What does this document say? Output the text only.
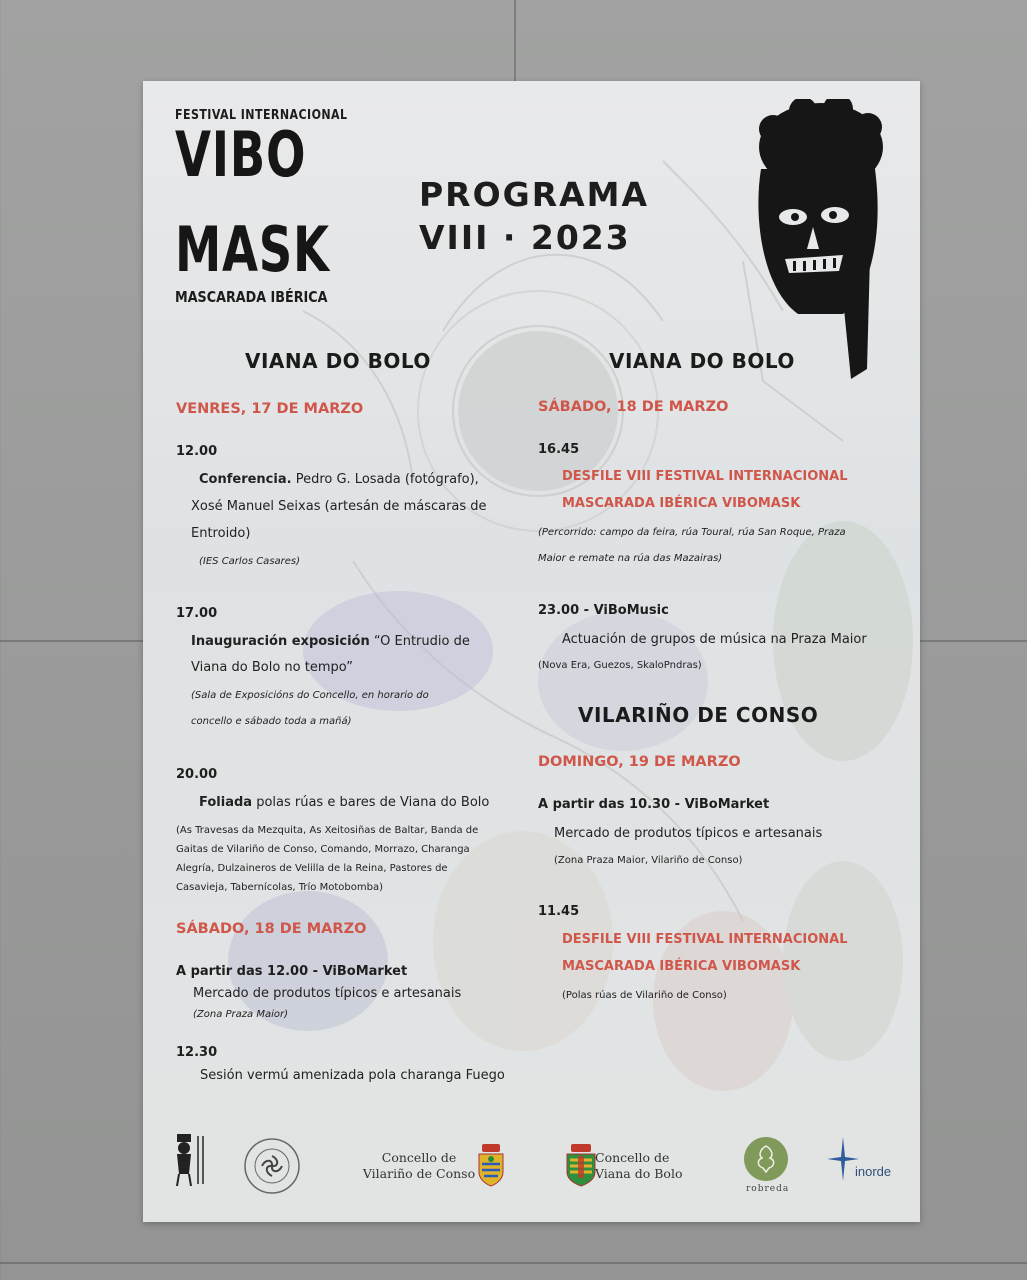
FESTIVAL INTERNACIONAL
VIBO
MASK
MASCARADA IBÉRICA
PROGRAMA
VIII · 2023
VIANA DO BOLO
VENRES, 17 DE MARZO
12.00
Conferencia. Pedro G. Losada (fotógrafo),
Xosé Manuel Seixas (artesán de máscaras de
Entroido)
(IES Carlos Casares)
17.00
Inauguración exposición “O Entrudio de
Viana do Bolo no tempo”
(Sala de Exposicións do Concello, en horario do
concello e sábado toda a mañá)
20.00
Foliada polas rúas e bares de Viana do Bolo
(As Travesas da Mezquita, As Xeitosiñas de Baltar, Banda de
Gaitas de Vilariño de Conso, Comando, Morrazo, Charanga
Alegría, Dulzaineros de Velilla de la Reina, Pastores de
Casavieja, Tabernícolas, Trío Motobomba)
SÁBADO, 18 DE MARZO
A partir das 12.00 - ViBoMarket
Mercado de produtos típicos e artesanais
(Zona Praza Maior)
12.30
Sesión vermú amenizada pola charanga Fuego
VIANA DO BOLO
SÁBADO, 18 DE MARZO
16.45
DESFILE VIII FESTIVAL INTERNACIONAL
MASCARADA IBÉRICA VIBOMASK
(Percorrido: campo da feira, rúa Toural, rúa San Roque, Praza
Maior e remate na rúa das Mazairas)
23.00 - ViBoMusic
Actuación de grupos de música na Praza Maior
(Nova Era, Guezos, SkaloPndras)
VILARIÑO DE CONSO
DOMINGO, 19 DE MARZO
A partir das 10.30 - ViBoMarket
Mercado de produtos típicos e artesanais
(Zona Praza Maior, Vilariño de Conso)
11.45
DESFILE VIII FESTIVAL INTERNACIONAL
MASCARADA IBÉRICA VIBOMASK
(Polas rúas de Vilariño de Conso)
Concello de
Vilariño de Conso
Concello de
Viana do Bolo
robreda
inorde
